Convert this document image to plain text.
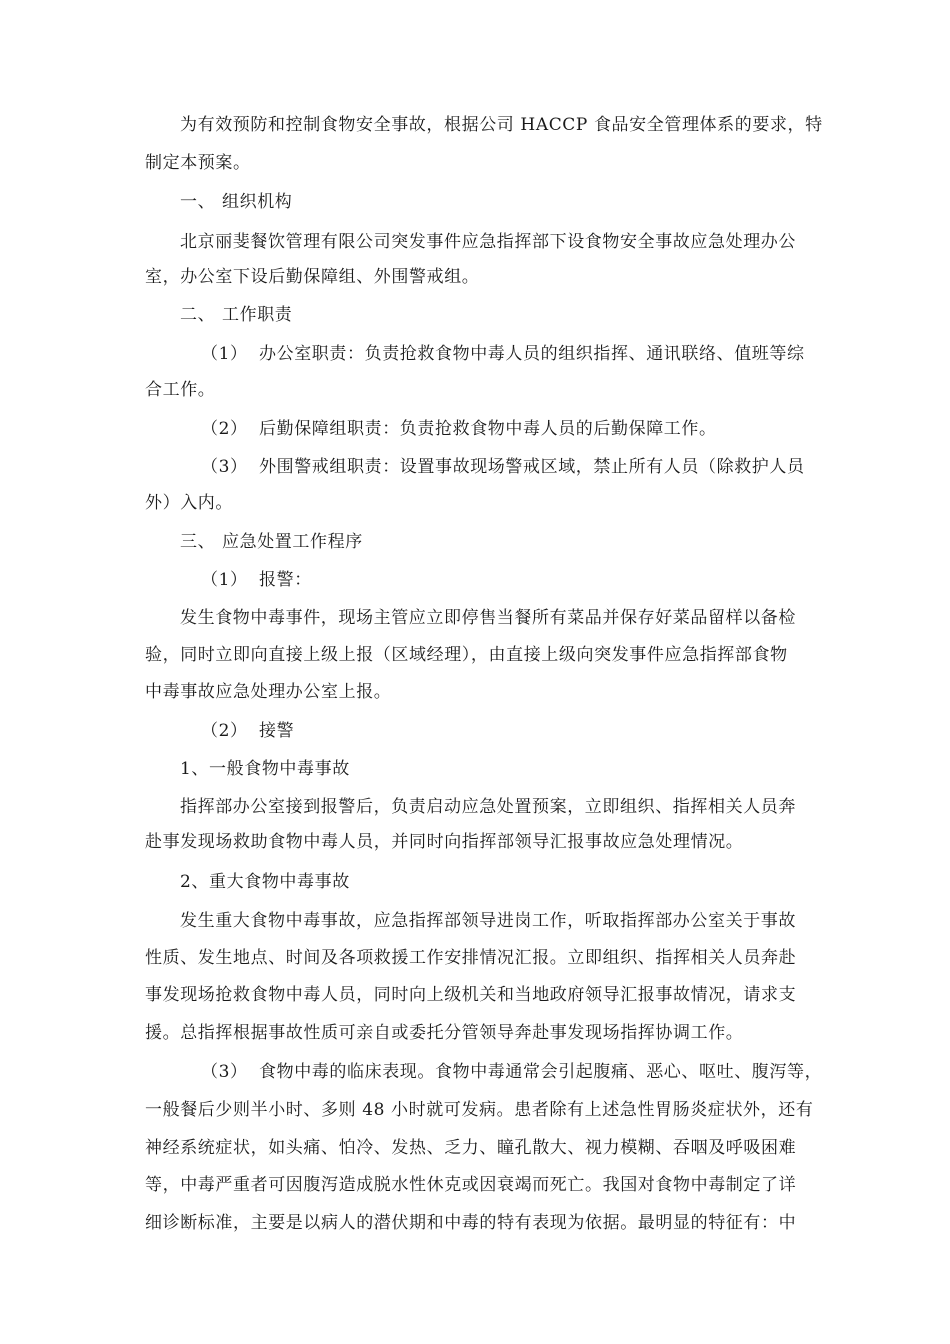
为有效预防和控制食物安全事故，根据公司 HACCP 食品安全管理体系的要求，特
制定本预案。
一、 组织机构
北京丽斐餐饮管理有限公司突发事件应急指挥部下设食物安全事故应急处理办公
室，办公室下设后勤保障组、外围警戒组。
二、 工作职责
（1） 办公室职责：负责抢救食物中毒人员的组织指挥、通讯联络、值班等综
合工作。
（2） 后勤保障组职责：负责抢救食物中毒人员的后勤保障工作。
（3） 外围警戒组职责：设置事故现场警戒区域，禁止所有人员（除救护人员
外）入内。
三、 应急处置工作程序
（1） 报警：
发生食物中毒事件，现场主管应立即停售当餐所有菜品并保存好菜品留样以备检
验，同时立即向直接上级上报（区域经理），由直接上级向突发事件应急指挥部食物
中毒事故应急处理办公室上报。
（2） 接警
1、一般食物中毒事故
指挥部办公室接到报警后，负责启动应急处置预案，立即组织、指挥相关人员奔
赴事发现场救助食物中毒人员，并同时向指挥部领导汇报事故应急处理情况。
2、重大食物中毒事故
发生重大食物中毒事故，应急指挥部领导进岗工作，听取指挥部办公室关于事故
性质、发生地点、时间及各项救援工作安排情况汇报。立即组织、指挥相关人员奔赴
事发现场抢救食物中毒人员，同时向上级机关和当地政府领导汇报事故情况，请求支
援。总指挥根据事故性质可亲自或委托分管领导奔赴事发现场指挥协调工作。
（3） 食物中毒的临床表现。食物中毒通常会引起腹痛、恶心、呕吐、腹泻等，
一般餐后少则半小时、多则 48 小时就可发病。患者除有上述急性胃肠炎症状外，还有
神经系统症状，如头痛、怕冷、发热、乏力、瞳孔散大、视力模糊、吞咽及呼吸困难
等，中毒严重者可因腹泻造成脱水性休克或因衰竭而死亡。我国对食物中毒制定了详
细诊断标准，主要是以病人的潜伏期和中毒的特有表现为依据。最明显的特征有：中
